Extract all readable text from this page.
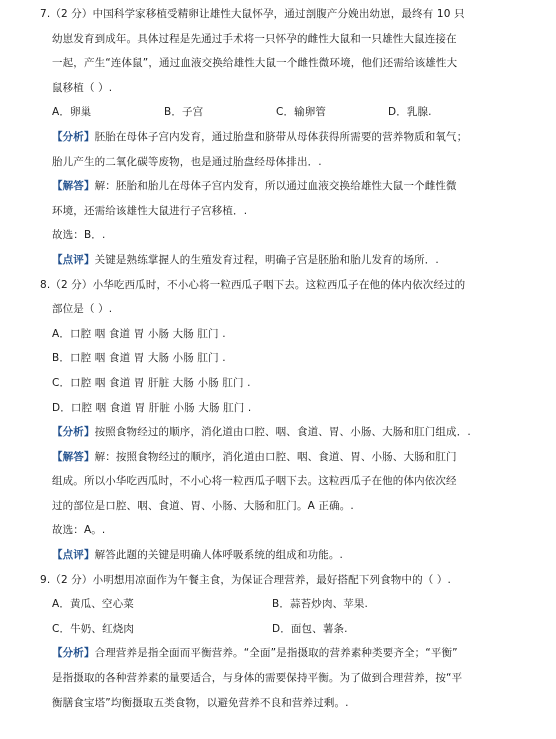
7.（2 分）中国科学家移植受精卵让雄性大鼠怀孕，通过剖腹产分娩出幼崽，最终有 10 只
幼崽发育到成年。具体过程是先通过手术将一只怀孕的雌性大鼠和一只雄性大鼠连接在
一起，产生“连体鼠”，通过血液交换给雄性大鼠一个雌性微环境，他们还需给该雄性大
鼠移植（ ）.
A．卵巢	B．子宫	C．输卵管	D．乳腺.
【分析】胚胎在母体子宫内发育，通过胎盘和脐带从母体获得所需要的营养物质和氧气；
胎儿产生的二氧化碳等废物，也是通过胎盘经母体排出．.
【解答】解：胚胎和胎儿在母体子宫内发育，所以通过血液交换给雄性大鼠一个雌性微
环境，还需给该雄性大鼠进行子宫移植．.
故选：B．.
【点评】关键是熟练掌握人的生殖发育过程，明确子宫是胚胎和胎儿发育的场所．.
8.（2 分）小华吃西瓜时，不小心将一粒西瓜子咽下去。这粒西瓜子在他的体内依次经过的
部位是（ ）.
A．口腔 咽 食道 胃 小肠 大肠 肛门 .
B．口腔 咽 食道 胃 大肠 小肠 肛门 .
C．口腔 咽 食道 胃 肝脏 大肠 小肠 肛门 .
D．口腔 咽 食道 胃 肝脏 小肠 大肠 肛门 .
【分析】按照食物经过的顺序，消化道由口腔、咽、食道、胃、小肠、大肠和肛门组成．.
【解答】解：按照食物经过的顺序，消化道由口腔、咽、食道、胃、小肠、大肠和肛门
组成。所以小华吃西瓜时，不小心将一粒西瓜子咽下去。这粒西瓜子在他的体内依次经
过的部位是口腔、咽、食道、胃、小肠、大肠和肛门。A 正确。.
故选：A。.
【点评】解答此题的关键是明确人体呼吸系统的组成和功能。.
9.（2 分）小明想用凉面作为午餐主食，为保证合理营养，最好搭配下列食物中的（ ）.
A．黄瓜、空心菜	B．蒜苔炒肉、苹果.
C．牛奶、红烧肉	D．面包、薯条.
【分析】合理营养是指全面而平衡营养。“全面”是指摄取的营养素种类要齐全；“平衡”
是指摄取的各种营养素的量要适合，与身体的需要保持平衡。为了做到合理营养，按“平
衡膳食宝塔”均衡摄取五类食物，以避免营养不良和营养过剩。.
